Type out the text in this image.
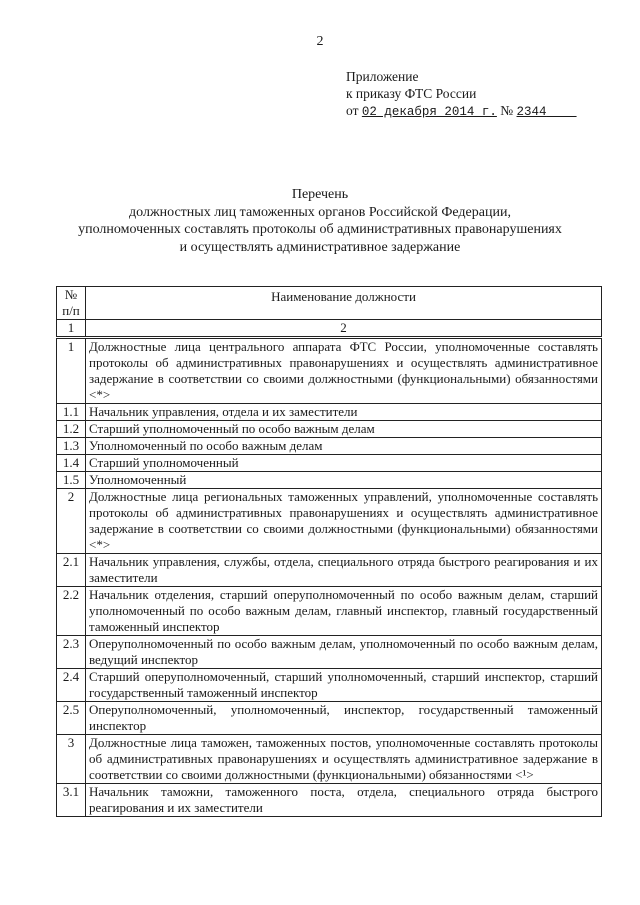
2
Приложение
к приказу ФТС России
от 02 декабря 2014 г. № 2344
Перечень
должностных лиц таможенных органов Российской Федерации,
уполномоченных составлять протоколы об административных правонарушениях
и осуществлять административное задержание
№ п/п	Наименование должности
1	2
1	Должностные лица центрального аппарата ФТС России, уполномоченные составлять протоколы об административных правонарушениях и осуществлять административное задержание в соответствии со своими должностными (функциональными) обязанностями <*>
1.1	Начальник управления, отдела и их заместители
1.2	Старший уполномоченный по особо важным делам
1.3	Уполномоченный по особо важным делам
1.4	Старший уполномоченный
1.5	Уполномоченный
2	Должностные лица региональных таможенных управлений, уполномоченные составлять протоколы об административных правонарушениях и осуществлять административное задержание в соответствии со своими должностными (функциональными) обязанностями <*>
2.1	Начальник управления, службы, отдела, специального отряда быстрого реагирования и их заместители
2.2	Начальник отделения, старший оперуполномоченный по особо важным делам, старший уполномоченный по особо важным делам, главный инспектор, главный государственный таможенный инспектор
2.3	Оперуполномоченный по особо важным делам, уполномоченный по особо важным делам, ведущий инспектор
2.4	Старший оперуполномоченный, старший уполномоченный, старший инспектор, старший государственный таможенный инспектор
2.5	Оперуполномоченный, уполномоченный, инспектор, государственный таможенный инспектор
3	Должностные лица таможен, таможенных постов, уполномоченные составлять протоколы об административных правонарушениях и осуществлять административное задержание в соответствии со своими должностными (функциональными) обязанностями <¹>
3.1	Начальник таможни, таможенного поста, отдела, специального отряда быстрого реагирования и их заместители
